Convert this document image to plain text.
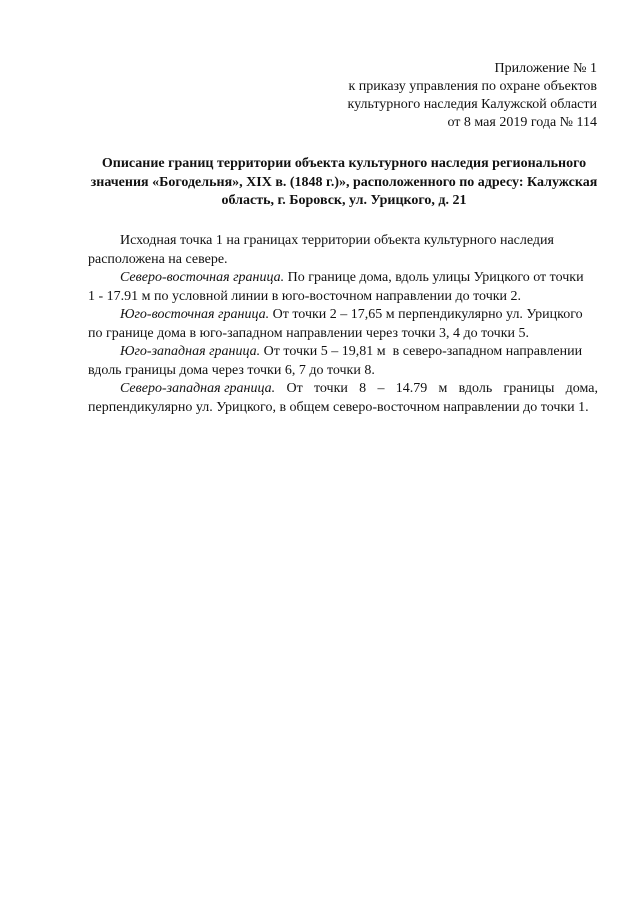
Приложение № 1
к приказу управления по охране объектов
культурного наследия Калужской области
от 8 мая 2019 года № 114
Описание границ территории объекта культурного наследия регионального
значения «Богодельня», XIX в. (1848 г.)», расположенного по адресу: Калужская
область, г. Боровск, ул. Урицкого, д. 21
Исходная точка 1 на границах территории объекта культурного наследия
расположена на севере.
Северо-восточная граница. По границе дома, вдоль улицы Урицкого от точки
1 - 17.91 м по условной линии в юго-восточном направлении до точки 2.
Юго-восточная граница. От точки 2 – 17,65 м перпендикулярно ул. Урицкого
по границе дома в юго-западном направлении через точки 3, 4 до точки 5.
Юго-западная граница. От точки 5 – 19,81 м  в северо-западном направлении
вдоль границы дома через точки 6, 7 до точки 8.
Северо-западная граница. От точки 8 – 14.79 м вдоль границы дома,
перпендикулярно ул. Урицкого, в общем северо-восточном направлении до точки 1.
